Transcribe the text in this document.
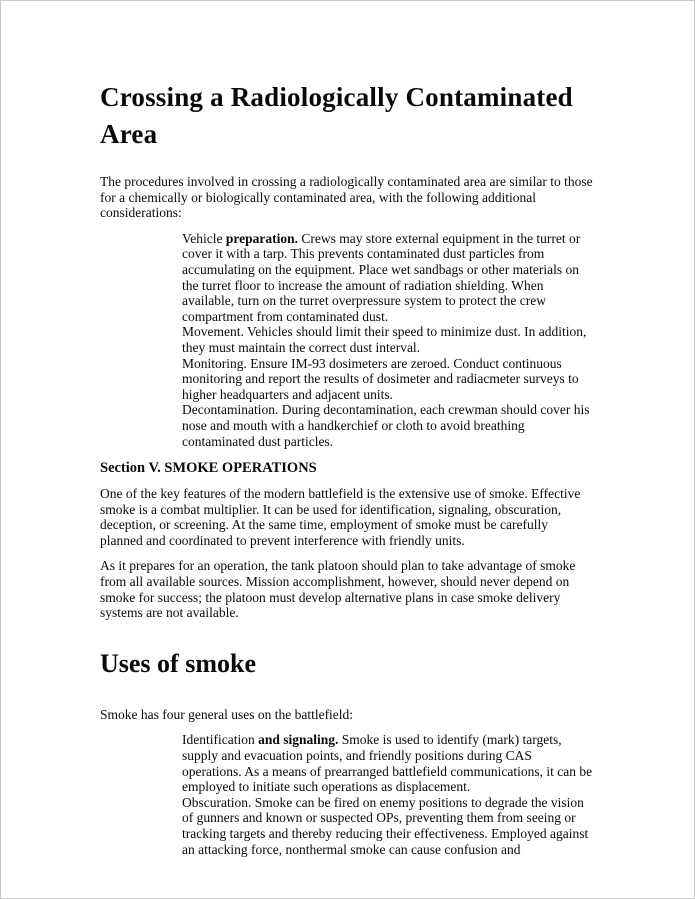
Crossing a Radiologically Contaminated Area

The procedures involved in crossing a radiologically contaminated area are similar to those for a chemically or biologically contaminated area, with the following additional considerations:

Vehicle preparation. Crews may store external equipment in the turret or cover it with a tarp. This prevents contaminated dust particles from accumulating on the equipment. Place wet sandbags or other materials on the turret floor to increase the amount of radiation shielding. When available, turn on the turret overpressure system to protect the crew compartment from contaminated dust.

Movement. Vehicles should limit their speed to minimize dust. In addition, they must maintain the correct dust interval.

Monitoring. Ensure IM-93 dosimeters are zeroed. Conduct continuous monitoring and report the results of dosimeter and radiacmeter surveys to higher headquarters and adjacent units.

Decontamination. During decontamination, each crewman should cover his nose and mouth with a handkerchief or cloth to avoid breathing contaminated dust particles.

Section V. SMOKE OPERATIONS

One of the key features of the modern battlefield is the extensive use of smoke. Effective smoke is a combat multiplier. It can be used for identification, signaling, obscuration, deception, or screening. At the same time, employment of smoke must be carefully planned and coordinated to prevent interference with friendly units.

As it prepares for an operation, the tank platoon should plan to take advantage of smoke from all available sources. Mission accomplishment, however, should never depend on smoke for success; the platoon must develop alternative plans in case smoke delivery systems are not available.

Uses of smoke

Smoke has four general uses on the battlefield:

Identification and signaling. Smoke is used to identify (mark) targets, supply and evacuation points, and friendly positions during CAS operations. As a means of prearranged battlefield communications, it can be employed to initiate such operations as displacement.

Obscuration. Smoke can be fired on enemy positions to degrade the vision of gunners and known or suspected OPs, preventing them from seeing or tracking targets and thereby reducing their effectiveness. Employed against an attacking force, nonthermal smoke can cause confusion and
